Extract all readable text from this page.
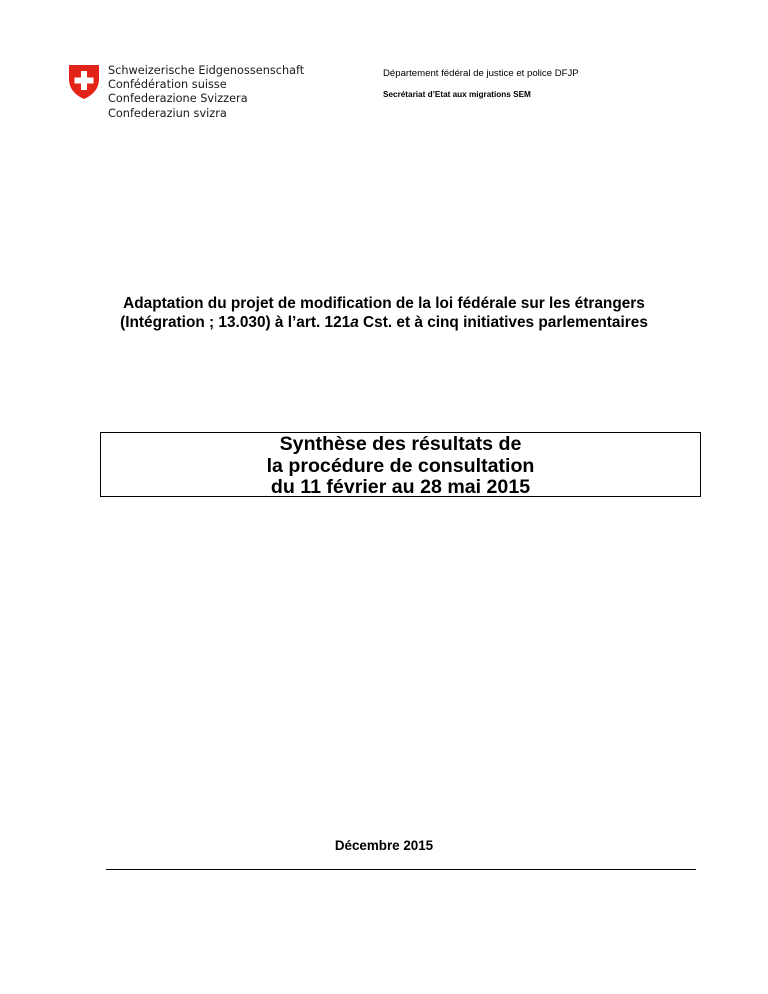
Schweizerische Eidgenossenschaft
Confédération suisse
Confederazione Svizzera
Confederaziun svizra
Département fédéral de justice et police DFJP
Secrétariat d’Etat aux migrations SEM
Adaptation du projet de modification de la loi fédérale sur les étrangers
(Intégration ; 13.030) à l’art. 121a Cst. et à cinq initiatives parlementaires
Synthèse des résultats de
la procédure de consultation
du 11 février au 28 mai 2015
Décembre 2015
